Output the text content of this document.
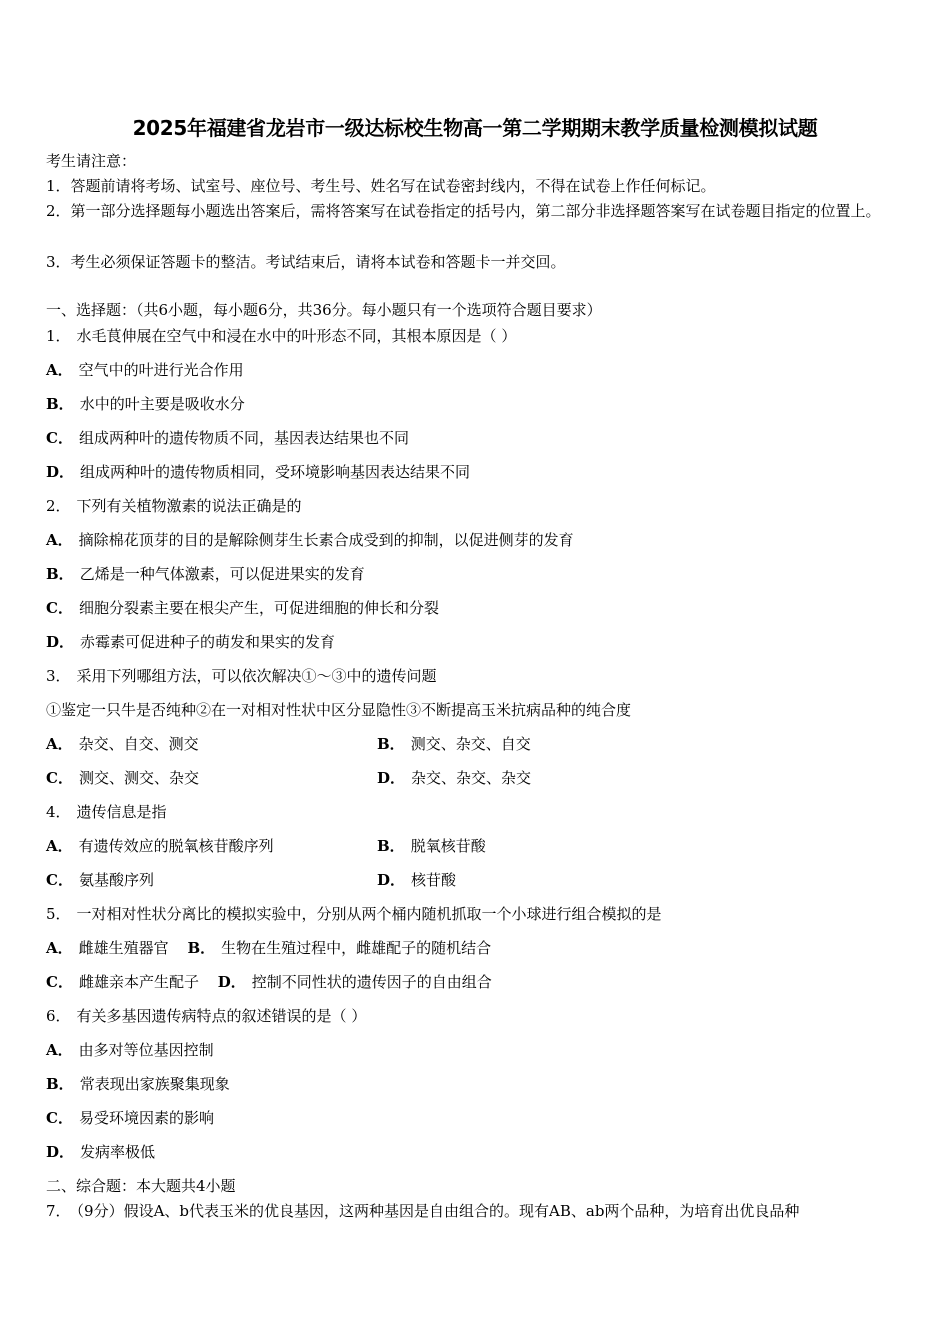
2025年福建省龙岩市一级达标校生物高一第二学期期末教学质量检测模拟试题
考生请注意：
1．答题前请将考场、试室号、座位号、考生号、姓名写在试卷密封线内，不得在试卷上作任何标记。
2．第一部分选择题每小题选出答案后，需将答案写在试卷指定的括号内，第二部分非选择题答案写在试卷题目指定的位置上。
3．考生必须保证答题卡的整洁。考试结束后，请将本试卷和答题卡一并交回。
一、选择题：（共6小题，每小题6分，共36分。每小题只有一个选项符合题目要求）
1． 水毛茛伸展在空气中和浸在水中的叶形态不同，其根本原因是（ ）
A． 空气中的叶进行光合作用
B． 水中的叶主要是吸收水分
C． 组成两种叶的遗传物质不同，基因表达结果也不同
D． 组成两种叶的遗传物质相同，受环境影响基因表达结果不同
2． 下列有关植物激素的说法正确是的
A． 摘除棉花顶芽的目的是解除侧芽生长素合成受到的抑制，以促进侧芽的发育
B． 乙烯是一种气体激素，可以促进果实的发育
C． 细胞分裂素主要在根尖产生，可促进细胞的伸长和分裂
D． 赤霉素可促进种子的萌发和果实的发育
3． 采用下列哪组方法，可以依次解决①～③中的遗传问题
①鉴定一只牛是否纯种②在一对相对性状中区分显隐性③不断提高玉米抗病品种的纯合度
A． 杂交、自交、测交	B． 测交、杂交、自交
C． 测交、测交、杂交	D． 杂交、杂交、杂交
4． 遗传信息是指
A． 有遗传效应的脱氧核苷酸序列	B． 脱氧核苷酸
C． 氨基酸序列	D． 核苷酸
5． 一对相对性状分离比的模拟实验中，分别从两个桶内随机抓取一个小球进行组合模拟的是
A． 雌雄生殖器官 B． 生物在生殖过程中，雌雄配子的随机结合
C． 雌雄亲本产生配子 D． 控制不同性状的遗传因子的自由组合
6． 有关多基因遗传病特点的叙述错误的是（ ）
A． 由多对等位基因控制
B． 常表现出家族聚集现象
C． 易受环境因素的影响
D． 发病率极低
二、综合题：本大题共4小题
7． （9分）假设A、b代表玉米的优良基因，这两种基因是自由组合的。现有AB、ab两个品种，为培育出优良品种
